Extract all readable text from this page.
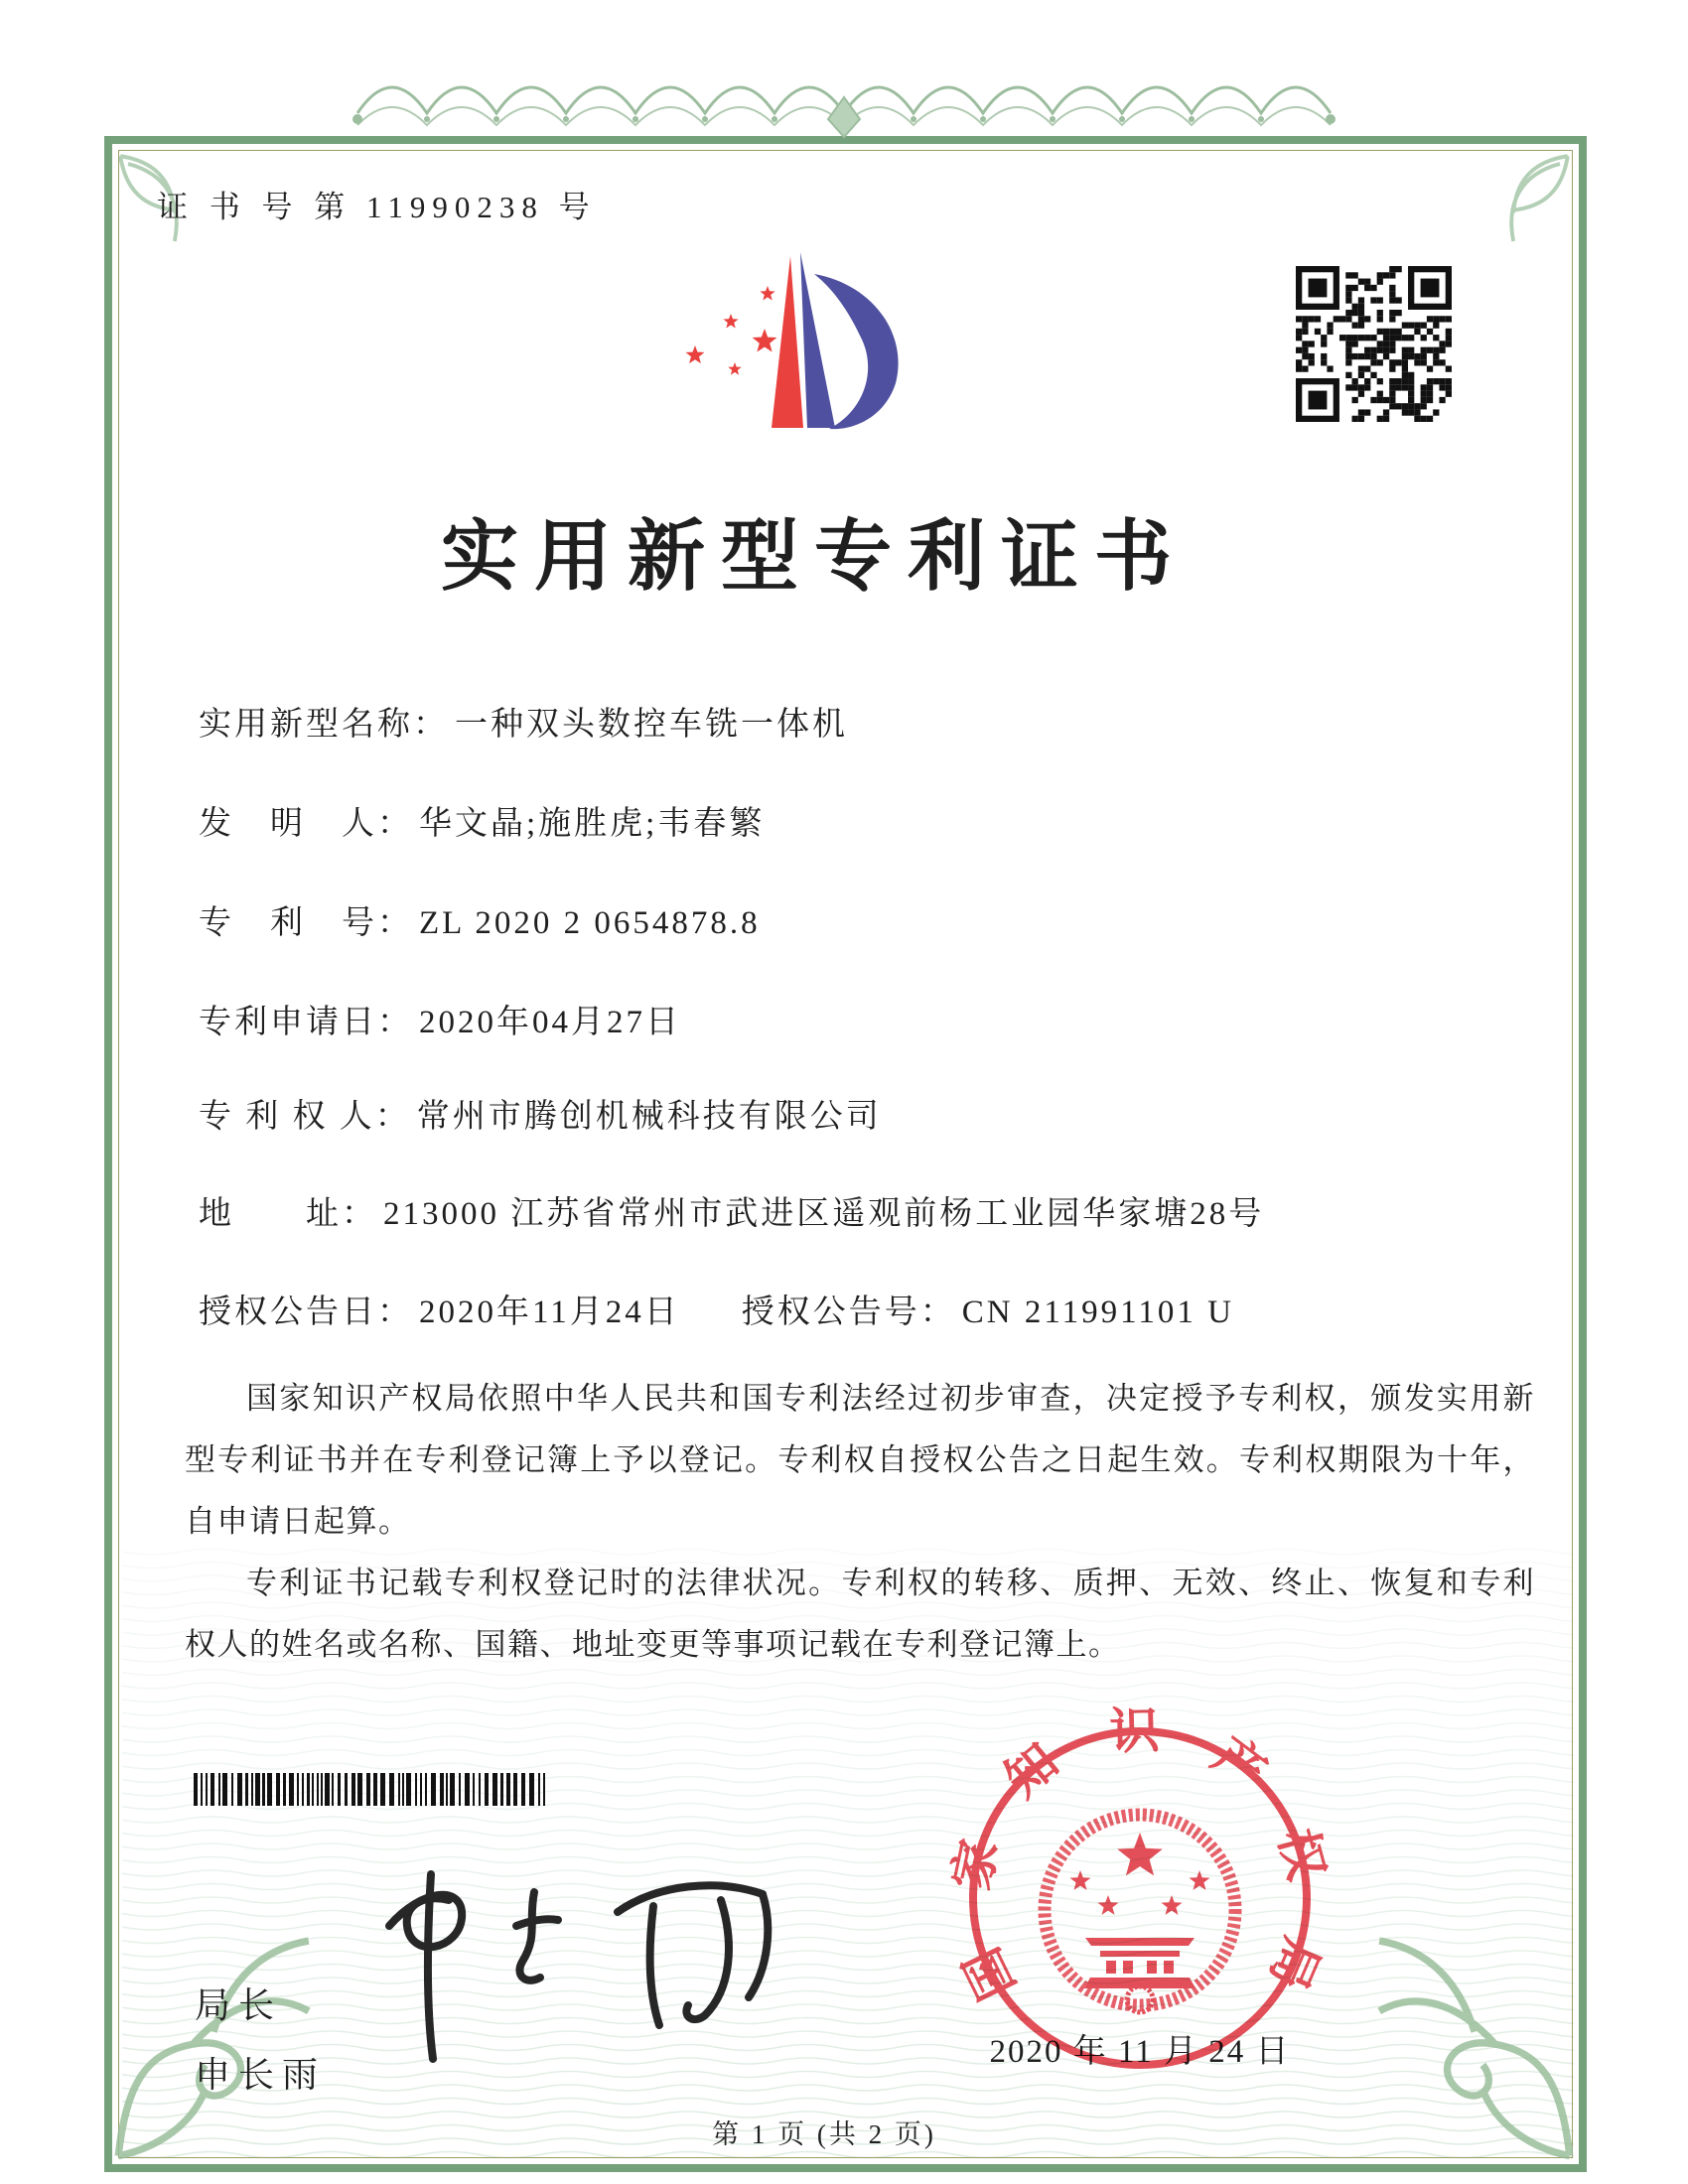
证 书 号 第 11990238 号
实用新型专利证书
实用新型名称： 一种双头数控车铣一体机
发　明　人： 华文晶;施胜虎;韦春繁
专　利　号： ZL 2020 2 0654878.8
专利申请日： 2020年04月27日
专 利 权 人： 常州市腾创机械科技有限公司
地　　址： 213000 江苏省常州市武进区遥观前杨工业园华家塘28号
授权公告日： 2020年11月24日 授权公告号： CN 211991101 U

国家知识产权局依照中华人民共和国专利法经过初步审查，决定授予专利权，颁发实用新型专利证书并在专利登记簿上予以登记。专利权自授权公告之日起生效。专利权期限为十年，自申请日起算。

专利证书记载专利权登记时的法律状况。专利权的转移、质押、无效、终止、恢复和专利权人的姓名或名称、国籍、地址变更等事项记载在专利登记簿上。

局长
申长雨
国家知识产权局
2020 年 11 月 24 日
第 1 页 (共 2 页)
